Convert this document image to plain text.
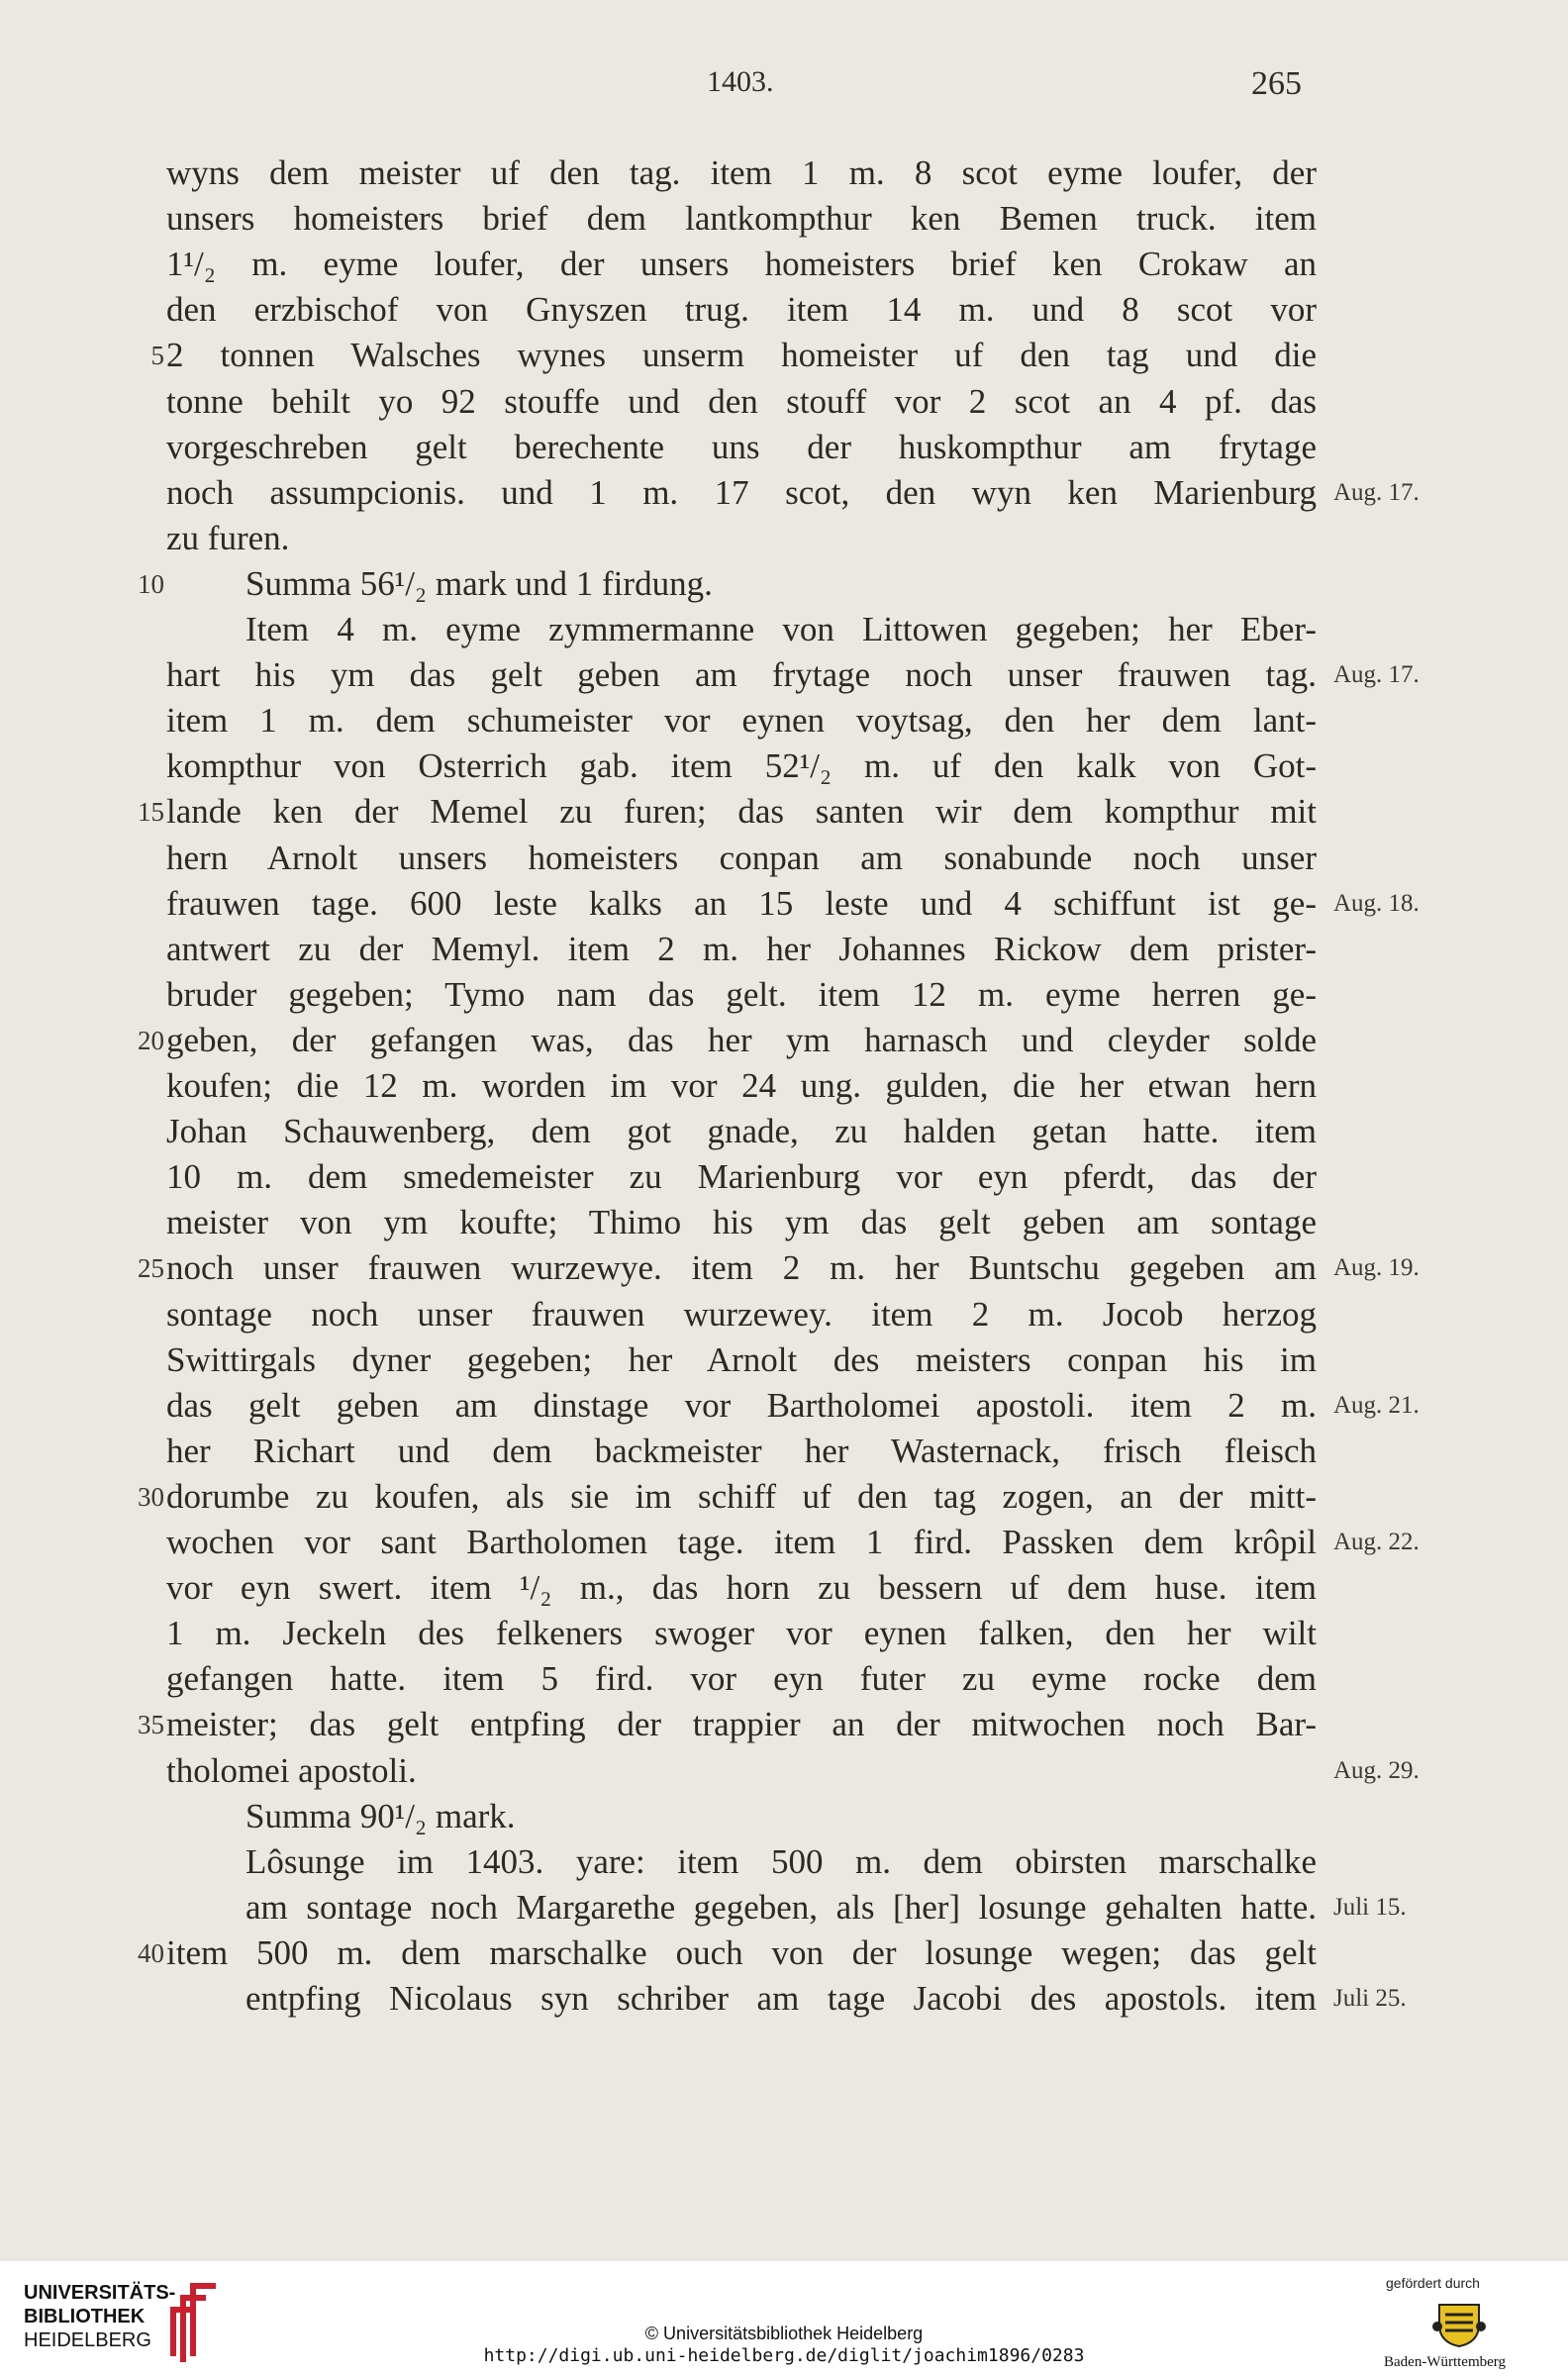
1403.	265
wyns dem meister uf den tag. item 1 m. 8 scot eyme loufer, der
unsers homeisters brief dem lantkompthur ken Bemen truck. item
1¹/₂ m. eyme loufer, der unsers homeisters brief ken Crokaw an
den erzbischof von Gnyszen trug. item 14 m. und 8 scot vor
2 tonnen Walsches wynes unserm homeister uf den tag und die
5
tonne behilt yo 92 stouffe und den stouff vor 2 scot an 4 pf. das
vorgeschreben gelt berechente uns der huskompthur am frytage
noch assumpcionis. und 1 m. 17 scot, den wyn ken Marienburg Aug. 17.
zu furen.
Summa 56¹/₂ mark und 1 firdung.
10
Item 4 m. eyme zymmermanne von Littowen gegeben; her Eber-
hart his ym das gelt geben am frytage noch unser frauwen tag. Aug. 17.
item 1 m. dem schumeister vor eynen voytsag, den her dem lant-
kompthur von Osterrich gab. item 52¹/₂ m. uf den kalk von Got-
lande ken der Memel zu furen; das santen wir dem kompthur mit
15
hern Arnolt unsers homeisters conpan am sonabunde noch unser
frauwen tage. 600 leste kalks an 15 leste und 4 schiffunt ist ge- Aug. 18.
antwert zu der Memyl. item 2 m. her Johannes Rickow dem prister-
bruder gegeben; Tymo nam das gelt. item 12 m. eyme herren ge-
geben, der gefangen was, das her ym harnasch und cleyder solde
20
koufen; die 12 m. worden im vor 24 ung. gulden, die her etwan hern
Johan Schauwenberg, dem got gnade, zu halden getan hatte. item
10 m. dem smedemeister zu Marienburg vor eyn pferdt, das der
meister von ym koufte; Thimo his ym das gelt geben am sontage
noch unser frauwen wurzewye. item 2 m. her Buntschu gegeben am
25	Aug. 19.
sontage noch unser frauwen wurzewey. item 2 m. Jocob herzog
Swittirgals dyner gegeben; her Arnolt des meisters conpan his im
das gelt geben am dinstage vor Bartholomei apostoli. item 2 m. Aug. 21.
her Richart und dem backmeister her Wasternack, frisch fleisch
dorumbe zu koufen, als sie im schiff uf den tag zogen, an der mitt-
30
wochen vor sant Bartholomen tage. item 1 fird. Passken dem krôpil Aug. 22.
vor eyn swert. item ¹/₂ m., das horn zu bessern uf dem huse. item
1 m. Jeckeln des felkeners swoger vor eynen falken, den her wilt
gefangen hatte. item 5 fird. vor eyn futer zu eyme rocke dem
meister; das gelt entpfing der trappier an der mitwochen noch Bar-
35
tholomei apostoli.	Aug. 29.
Summa 90¹/₂ mark.
Lôsunge im 1403. yare: item 500 m. dem obirsten marschalke
am sontage noch Margarethe gegeben, als [her] losunge gehalten hatte. Juli 15.
item 500 m. dem marschalke ouch von der losunge wegen; das gelt
40
entpfing Nicolaus syn schriber am tage Jacobi des apostols. item Juli 25.
UNIVERSITÄTS-
BIBLIOTHEK
HEIDELBERG	© Universitätsbibliothek Heidelberg
http://digi.ub.uni-heidelberg.de/diglit/joachim1896/0283
gefördert durch
Baden-Württemberg
